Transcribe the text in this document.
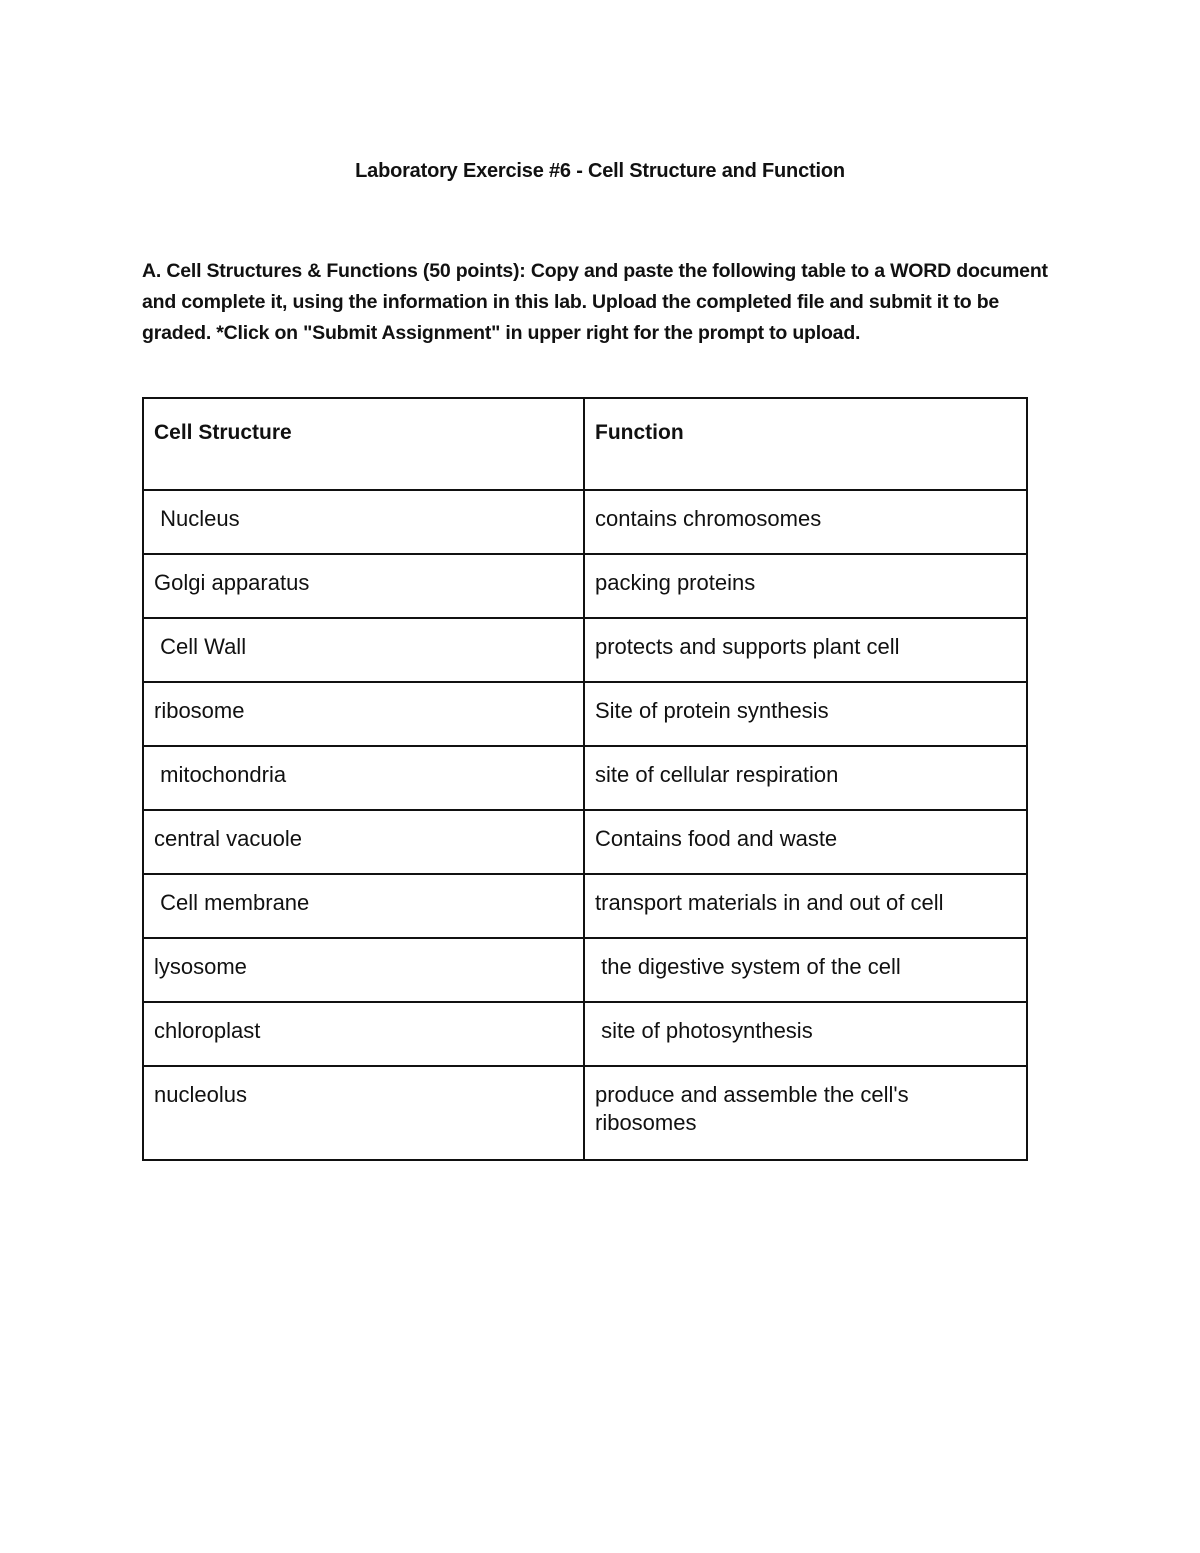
Laboratory Exercise #6 - Cell Structure and Function
A. Cell Structures & Functions (50 points): Copy and paste the following table to a WORD document and complete it, using the information in this lab. Upload the completed file and submit it to be graded. *Click on "Submit Assignment" in upper right for the prompt to upload.
Cell Structure	Function
Nucleus	contains chromosomes
Golgi apparatus	packing proteins
Cell Wall	protects and supports plant cell
ribosome	Site of protein synthesis
mitochondria	site of cellular respiration
central vacuole	Contains food and waste
Cell membrane	transport materials in and out of cell
lysosome	the digestive system of the cell
chloroplast	site of photosynthesis
nucleolus	produce and assemble the cell's ribosomes
